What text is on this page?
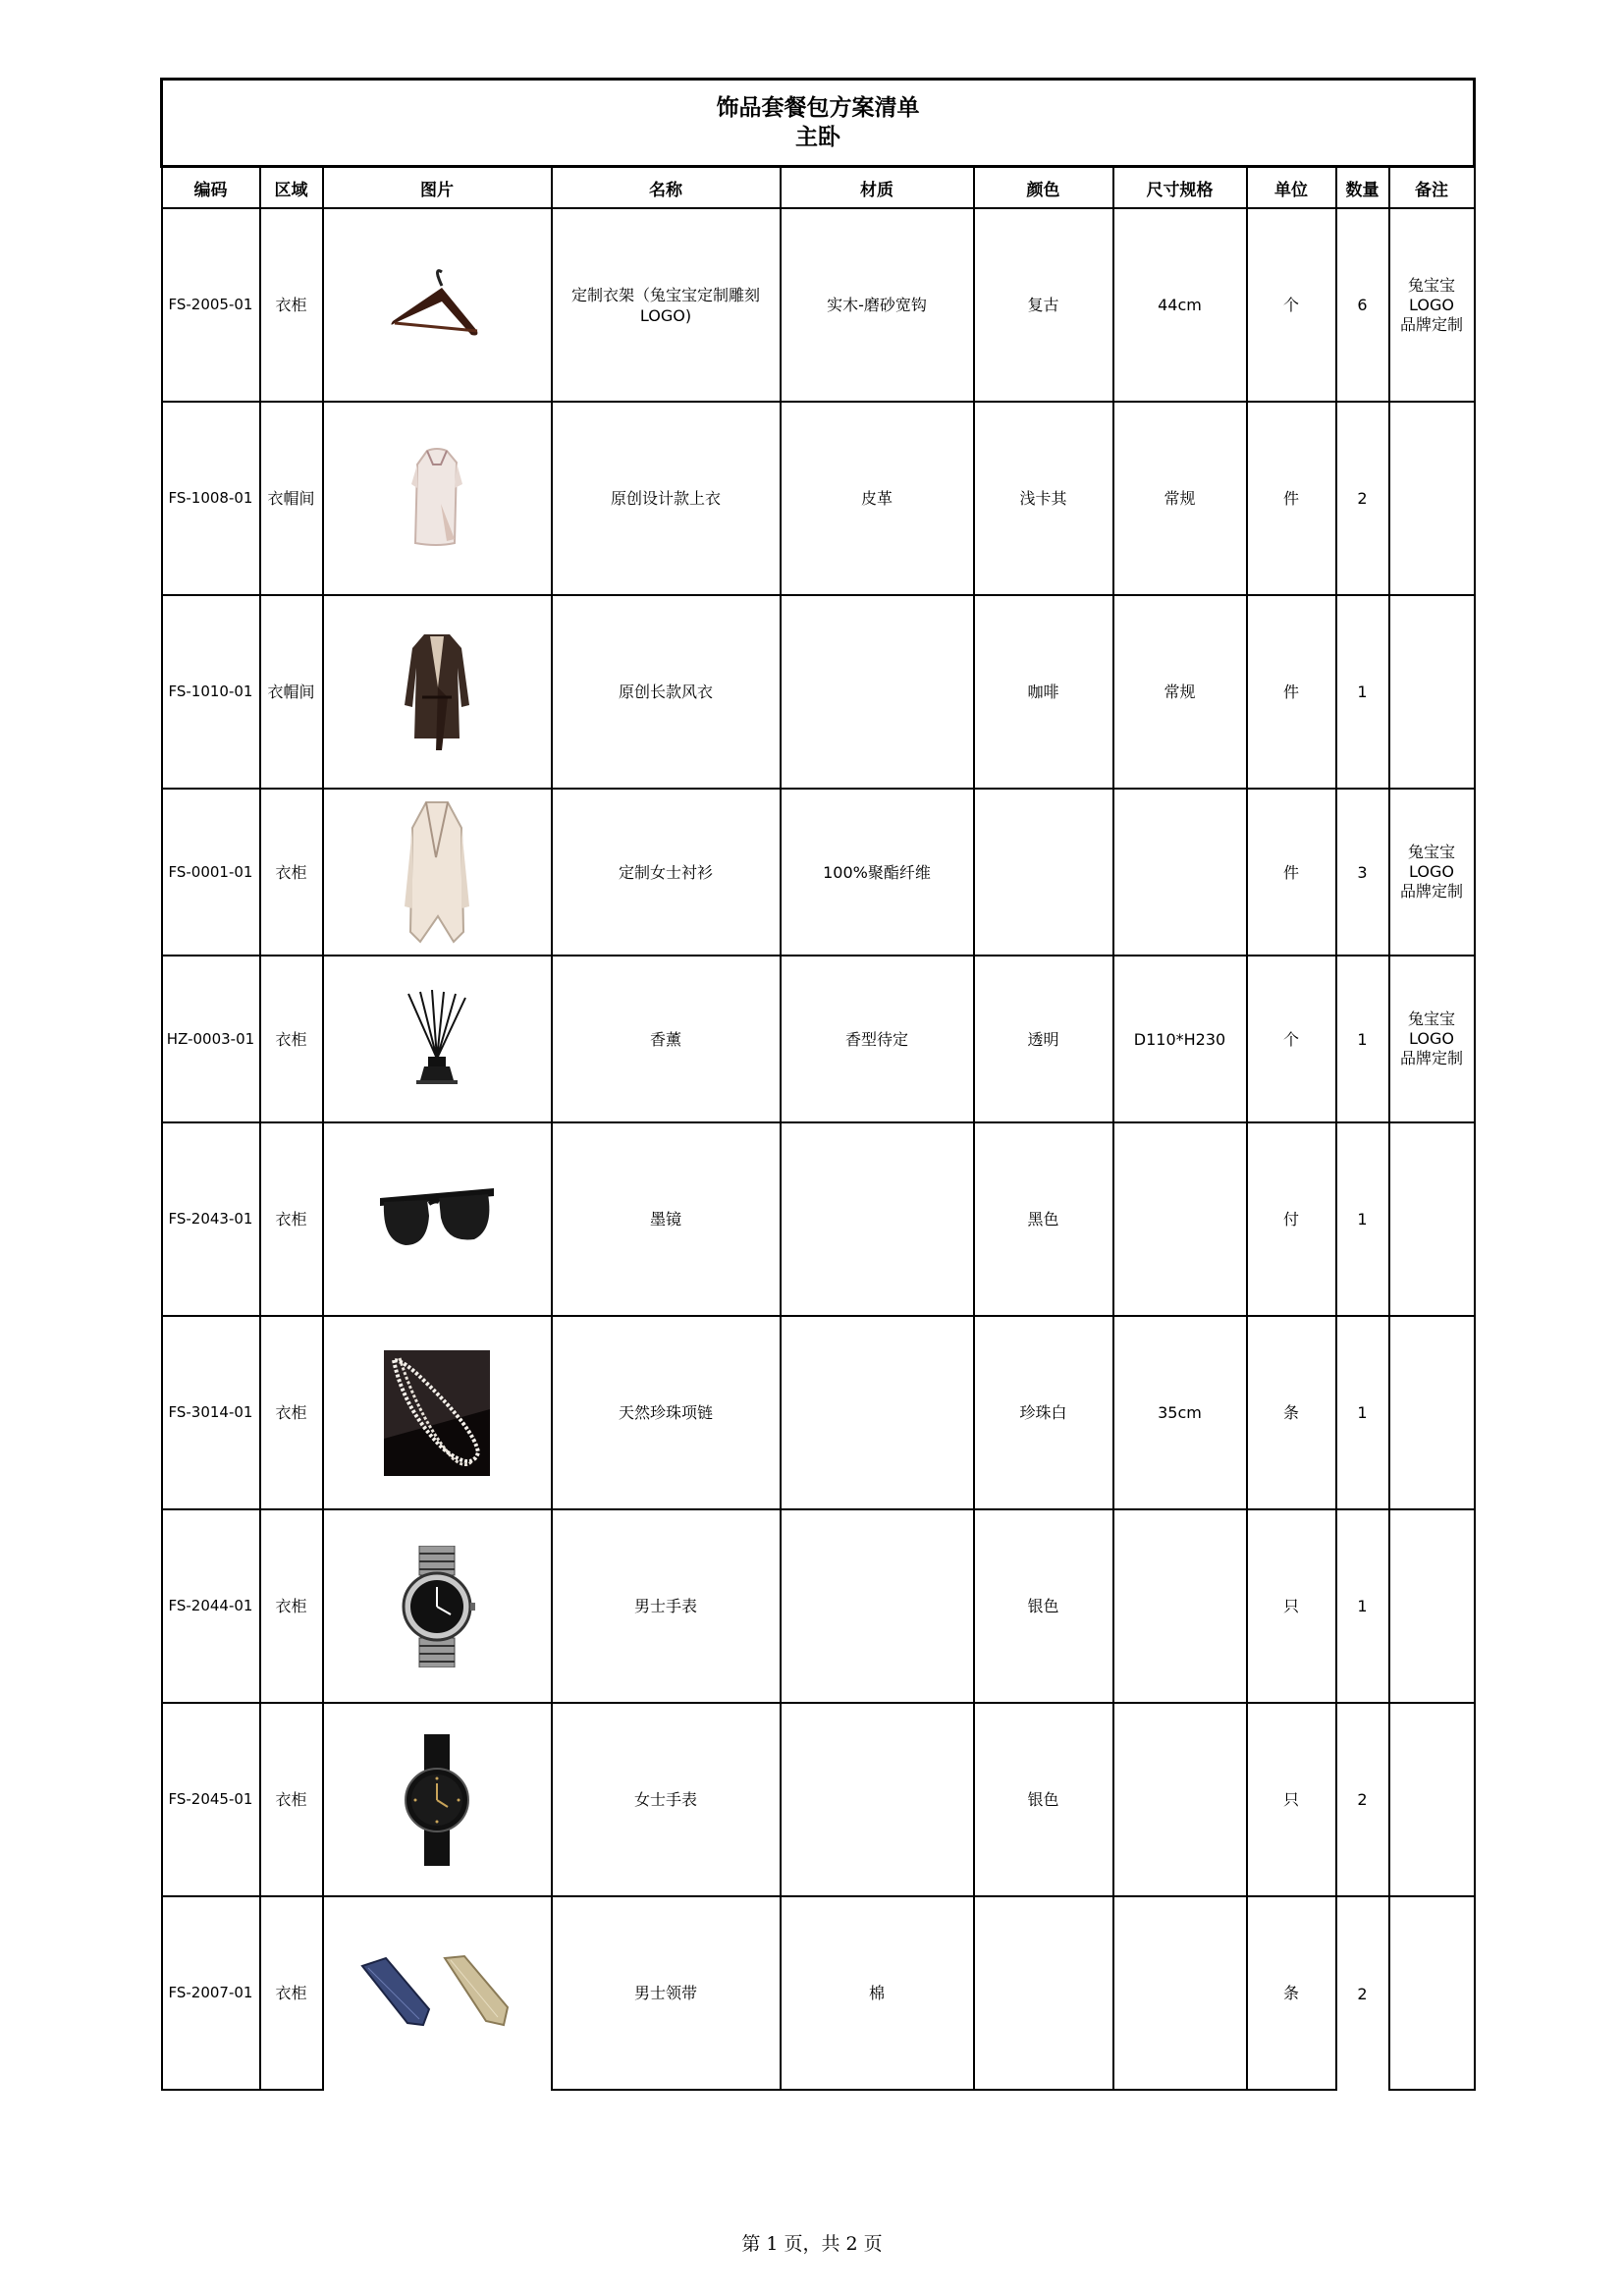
饰品套餐包方案清单
主卧									

编码	区域	图片	名称	材质	颜色	尺寸规格	单位	数量	备注
FS-2005-01	衣柜		定制衣架（兔宝宝定制雕刻LOGO)	实木-磨砂宽钩	复古	44cm	个	6	兔宝宝
LOGO
品牌定制

FS-1008-01	衣帽间		原创设计款上衣	皮革	浅卡其	常规	件	2	

FS-1010-01	衣帽间		原创长款风衣		咖啡	常规	件	1	

FS-0001-01	衣柜		定制女士衬衫	100%聚酯纤维			件	3	兔宝宝
LOGO
品牌定制

HZ-0003-01	衣柜		香薰	香型待定	透明	D110*H230	个	1	兔宝宝
LOGO
品牌定制

FS-2043-01	衣柜		墨镜		黑色		付	1	

FS-3014-01	衣柜		天然珍珠项链		珍珠白	35cm	条	1	

FS-2044-01	衣柜		男士手表		银色		只	1	

FS-2045-01	衣柜		女士手表		银色		只	2	

FS-2007-01	衣柜		男士领带	棉			条	2	
第 1 页，共 2 页
